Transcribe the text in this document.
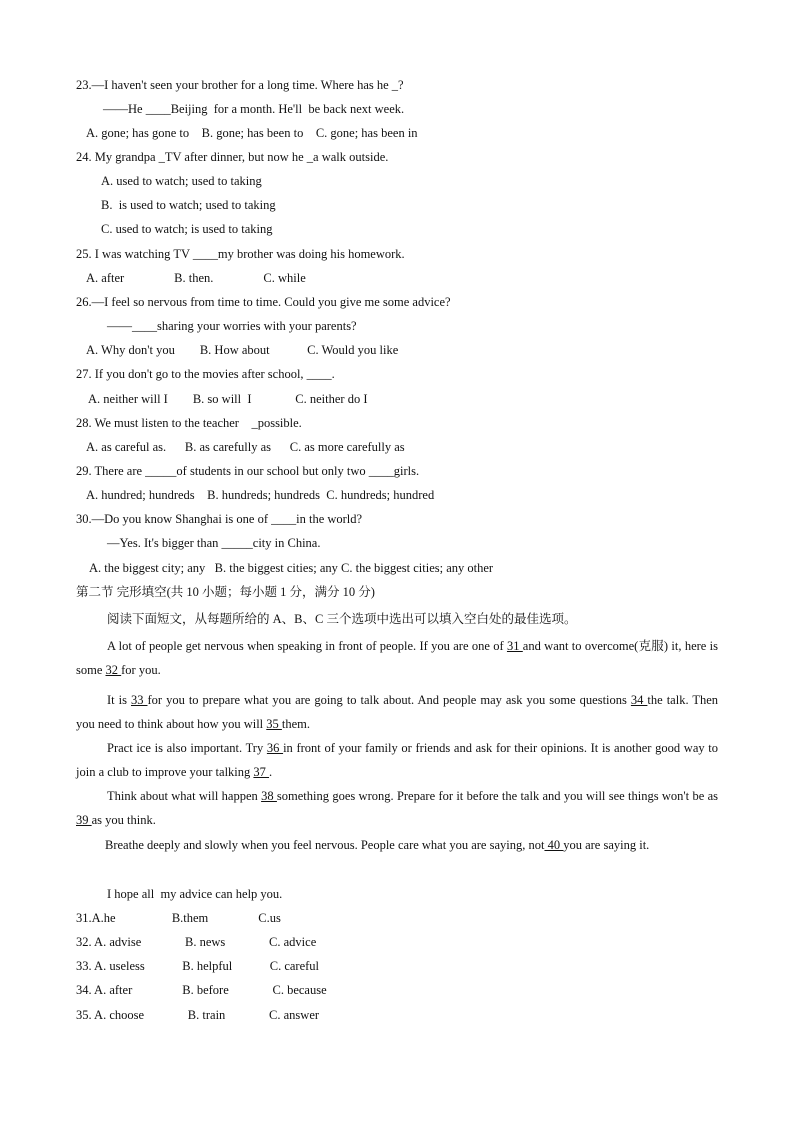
23.—I haven't seen your brother for a long time. Where has he _?
——He ____Beijing  for a month. He'll  be back next week.
A. gone; has gone to    B. gone; has been to    C. gone; has been in
24. My grandpa _TV after dinner, but now he _a walk outside.
A. used to watch; used to taking
B.  is used to watch; used to taking
C. used to watch; is used to taking
25. I was watching TV ____my brother was doing his homework.
A. after                B. then.                C. while
26.—I feel so nervous from time to time. Could you give me some advice?
——____sharing your worries with your parents?
A. Why don't you        B. How about            C. Would you like
27. If you don't go to the movies after school, ____.
A. neither will I        B. so will  I              C. neither do I
28. We must listen to the teacher    _possible.
A. as careful as.      B. as carefully as      C. as more carefully as
29. There are _____of students in our school but only two ____girls.
A. hundred; hundreds    B. hundreds; hundreds  C. hundreds; hundred
30.—Do you know Shanghai is one of ____in the world?
—Yes. It's bigger than _____city in China.
A. the biggest city; any   B. the biggest cities; any C. the biggest cities; any other
第二节 完形填空(共 10 小题；每小题 1 分，满分 10 分)
阅读下面短文，从每题所给的 A、B、C 三个选项中选出可以填入空白处的最佳选项。
A lot of people get nervous when speaking in front of people. If you are one of 31 and want to overcome(克服) it, here is some 32 for you.
It is 33 for you to prepare what you are going to talk about. And people may ask you some questions 34 the talk. Then you need to think about how you will 35 them.
Pract ice is also important. Try 36 in front of your family or friends and ask for their opinions. It is another good way to join a club to improve your talking 37 .
Think about what will happen 38 something goes wrong. Prepare for it before the talk and you will see things won't be as 39 as you think.
Breathe deeply and slowly when you feel nervous. People care what you are saying, not 40 you are saying it.
I hope all  my advice can help you.
31.A.he                  B.them                C.us
32. A. advise              B. news              C. advice
33. A. useless            B. helpful            C. careful
34. A. after                B. before              C. because
35. A. choose              B. train              C. answer
